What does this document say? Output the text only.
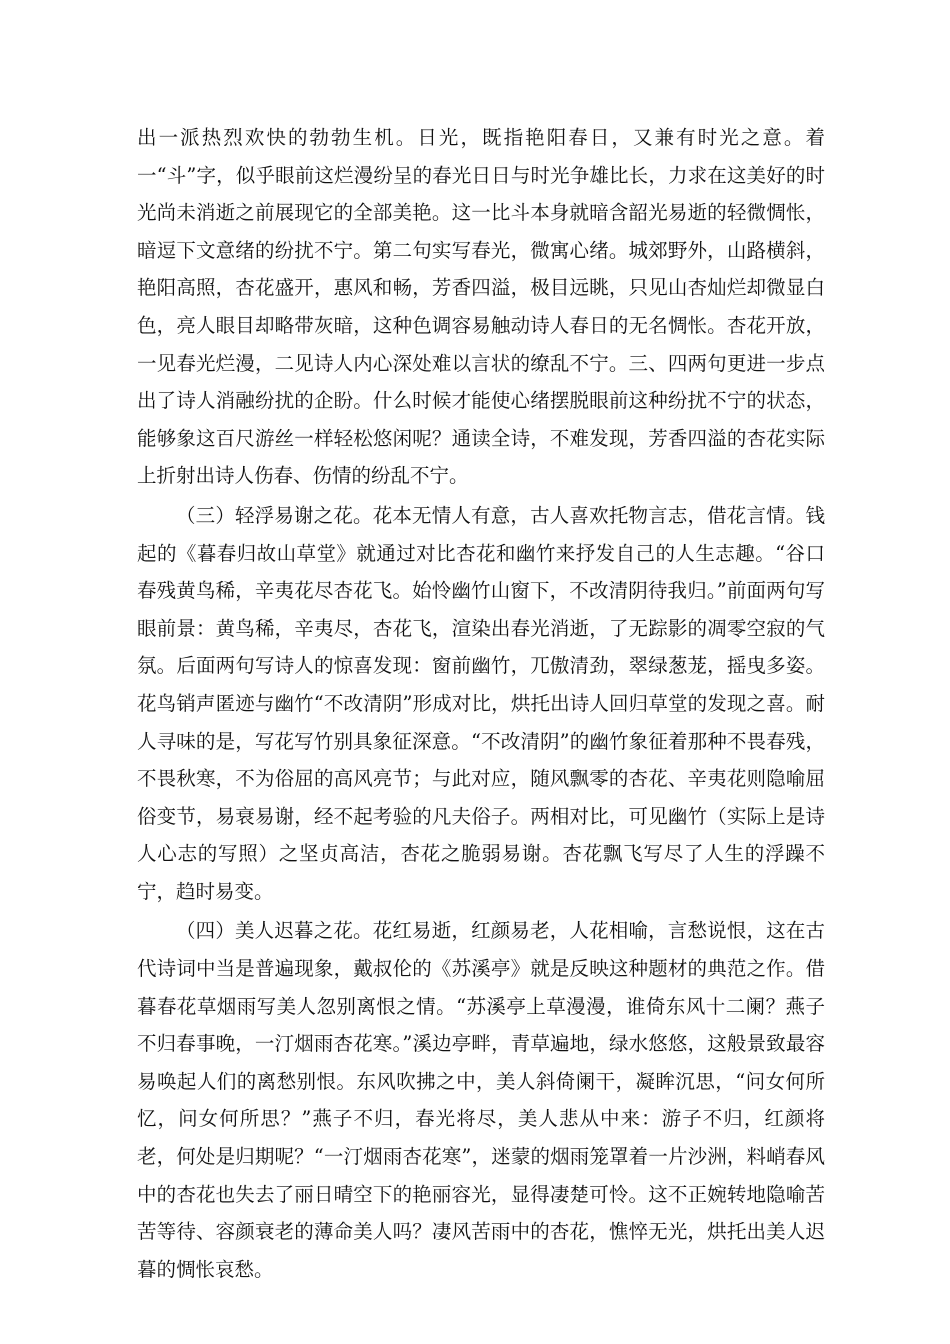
出一派热烈欢快的勃勃生机。日光，既指艳阳春日，又兼有时光之意。着一“斗”字，似乎眼前这烂漫纷呈的春光日日与时光争雄比长，力求在这美好的时光尚未消逝之前展现它的全部美艳。这一比斗本身就暗含韶光易逝的轻微惆怅，暗逗下文意绪的纷扰不宁。第二句实写春光，微寓心绪。城郊野外，山路横斜，艳阳高照，杏花盛开，惠风和畅，芳香四溢，极目远眺，只见山杏灿烂却微显白色，亮人眼目却略带灰暗，这种色调容易触动诗人春日的无名惆怅。杏花开放，一见春光烂漫，二见诗人内心深处难以言状的缭乱不宁。三、四两句更进一步点出了诗人消融纷扰的企盼。什么时候才能使心绪摆脱眼前这种纷扰不宁的状态，能够象这百尺游丝一样轻松悠闲呢？通读全诗，不难发现，芳香四溢的杏花实际上折射出诗人伤春、伤情的纷乱不宁。

（三）轻浮易谢之花。花本无情人有意，古人喜欢托物言志，借花言情。钱起的《暮春归故山草堂》就通过对比杏花和幽竹来抒发自己的人生志趣。“谷口春残黄鸟稀，辛夷花尽杏花飞。始怜幽竹山窗下，不改清阴待我归。”前面两句写眼前景：黄鸟稀，辛夷尽，杏花飞，渲染出春光消逝，了无踪影的凋零空寂的气氛。后面两句写诗人的惊喜发现：窗前幽竹，兀傲清劲，翠绿葱茏，摇曳多姿。花鸟销声匿迹与幽竹“不改清阴”形成对比，烘托出诗人回归草堂的发现之喜。耐人寻味的是，写花写竹别具象征深意。“不改清阴”的幽竹象征着那种不畏春残，不畏秋寒，不为俗屈的高风亮节；与此对应，随风飘零的杏花、辛夷花则隐喻屈俗变节，易衰易谢，经不起考验的凡夫俗子。两相对比，可见幽竹（实际上是诗人心志的写照）之坚贞高洁，杏花之脆弱易谢。杏花飘飞写尽了人生的浮躁不宁，趋时易变。

（四）美人迟暮之花。花红易逝，红颜易老，人花相喻，言愁说恨，这在古代诗词中当是普遍现象，戴叔伦的《苏溪亭》就是反映这种题材的典范之作。借暮春花草烟雨写美人忽别离恨之情。“苏溪亭上草漫漫，谁倚东风十二阑？燕子不归春事晚，一汀烟雨杏花寒。”溪边亭畔，青草遍地，绿水悠悠，这般景致最容易唤起人们的离愁别恨。东风吹拂之中，美人斜倚阑干，凝眸沉思，“问女何所忆，问女何所思？”燕子不归，春光将尽，美人悲从中来：游子不归，红颜将老，何处是归期呢？“一汀烟雨杏花寒”，迷蒙的烟雨笼罩着一片沙洲，料峭春风中的杏花也失去了丽日晴空下的艳丽容光，显得凄楚可怜。这不正婉转地隐喻苦苦等待、容颜衰老的薄命美人吗？凄风苦雨中的杏花，憔悴无光，烘托出美人迟暮的惆怅哀愁。
